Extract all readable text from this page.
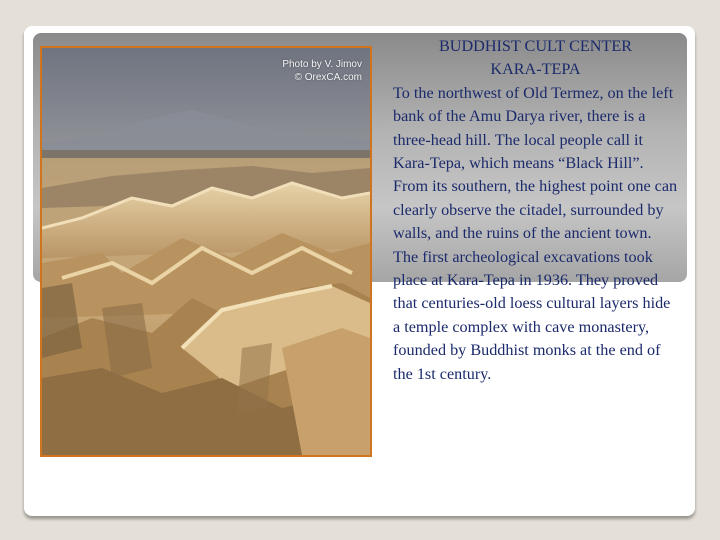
Photo by V. Jimov
© OrexCA.com
BUDDHIST CULT CENTER
KARA-TEPA

To the northwest of Old Termez, on the left bank of the Amu Darya river, there is a three-head hill. The local people call it Kara-Tepa, which means “Black Hill”. From its southern, the highest point one can clearly observe the citadel, surrounded by walls, and the ruins of the ancient town. The first archeological excavations took place at Kara-Tepa in 1936. They proved that centuries-old loess cultural layers hide a temple complex with cave monastery, founded by Buddhist monks at the end of the 1st century.
